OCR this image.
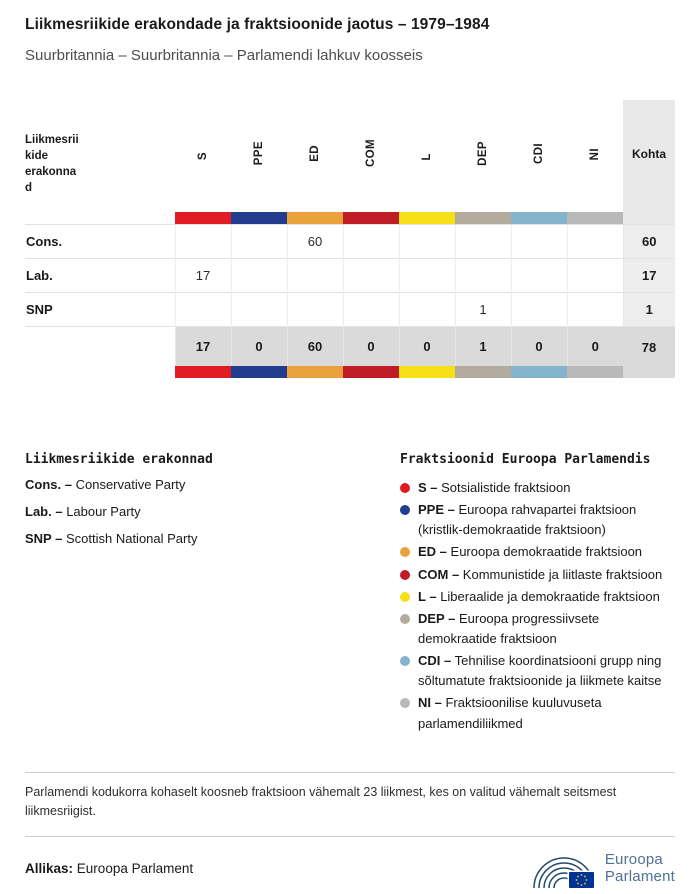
Liikmesriikide erakondade ja fraktsioonide jaotus – 1979–1984
Suurbritannia – Suurbritannia – Parlamendi lahkuv koosseis
Liikmesriikide erakonnad	S	PPE	ED	COM	L	DEP	CDI	NI	Kohta

Cons.			60						60
Lab.	17								17
SNP						1			1
	17	0	60	0	0	1	0	0	78

Liikmesriikide erakonnad
Cons. – Conservative Party
Lab. – Labour Party
SNP – Scottish National Party
Fraktsioonid Euroopa Parlamendis
S – Sotsialistide fraktsioon
PPE – Euroopa rahvapartei fraktsioon (kristlik-demokraatide fraktsioon)
ED – Euroopa demokraatide fraktsioon
COM – Kommunistide ja liitlaste fraktsioon
L – Liberaalide ja demokraatide fraktsioon
DEP – Euroopa progressiivsete demokraatide fraktsioon
CDI – Tehnilise koordinatsiooni grupp ning sõltumatute fraktsioonide ja liikmete kaitse
NI – Fraktsioonilise kuuluvuseta parlamendiliikmed

Parlamendi kodukorra kohaselt koosneb fraktsioon vähemalt 23 liikmest, kes on valitud vähemalt seitsmest liikmesriigist.

Allikas: Euroopa Parlament
Euroopa
Parlament
